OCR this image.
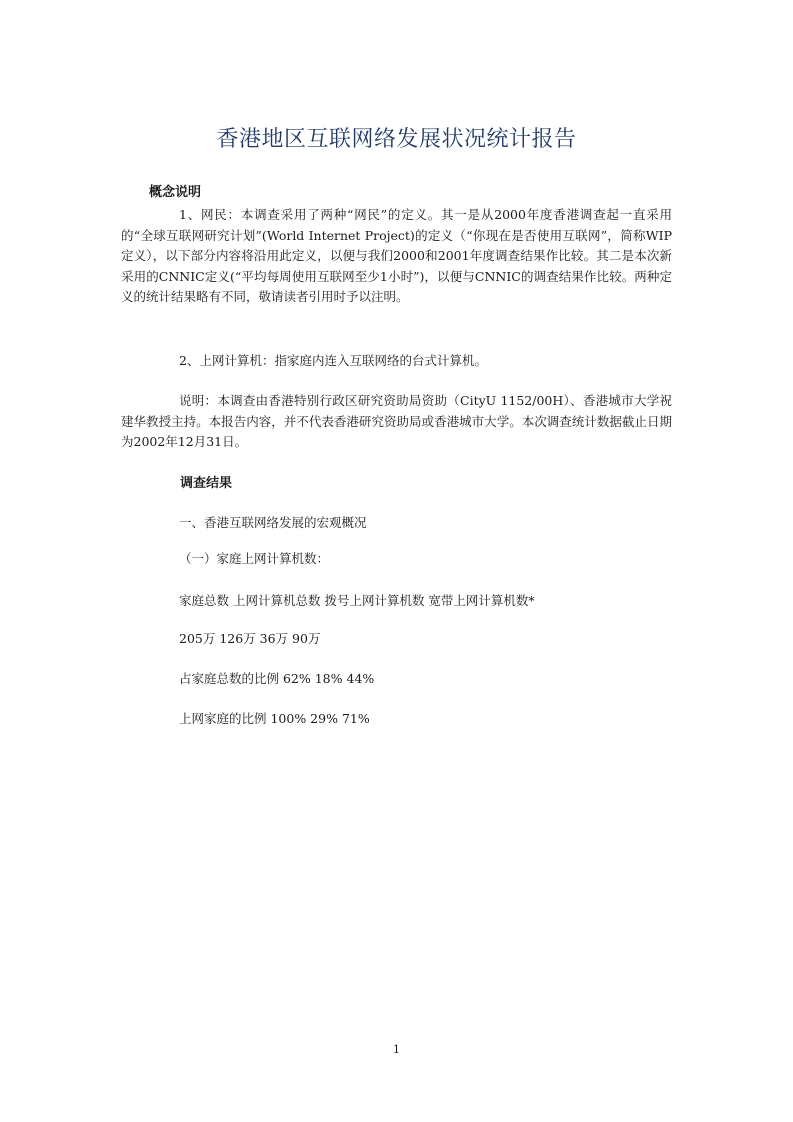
香港地区互联网络发展状况统计报告
概念说明

1、网民：本调查采用了两种“网民”的定义。其一是从2000年度香港调查起一直采用的“全球互联网研究计划”(World Internet Project)的定义（“你现在是否使用互联网”，简称WIP定义），以下部分内容将沿用此定义，以便与我们2000和2001年度调查结果作比较。其二是本次新采用的CNNIC定义(“平均每周使用互联网至少1小时”)，以便与CNNIC的调查结果作比较。两种定义的统计结果略有不同，敬请读者引用时予以注明。

2、上网计算机：指家庭内连入互联网络的台式计算机。

说明：本调查由香港特别行政区研究资助局资助（CityU 1152/00H）、香港城市大学祝建华教授主持。本报告内容，并不代表香港研究资助局或香港城市大学。本次调查统计数据截止日期为2002年12月31日。

调查结果
一、香港互联网络发展的宏观概况
（一）家庭上网计算机数：
家庭总数 上网计算机总数 拨号上网计算机数 宽带上网计算机数*
205万 126万 36万 90万
占家庭总数的比例 62% 18% 44%
上网家庭的比例 100% 29% 71%
1
